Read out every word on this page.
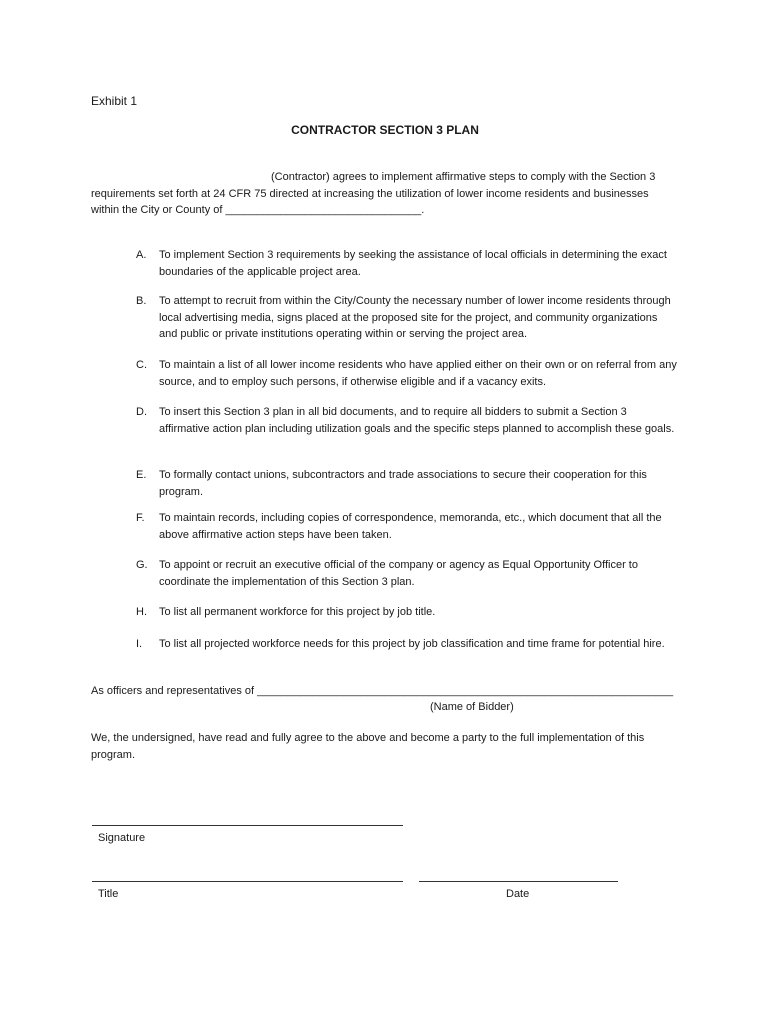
Exhibit 1
CONTRACTOR SECTION 3 PLAN
(Contractor) agrees to implement affirmative steps to comply with the Section 3
requirements set forth at 24 CFR 75 directed at increasing the utilization of lower income residents and businesses
within the City or County of ________________________________.
A.	To implement Section 3 requirements by seeking the assistance of local officials in determining the exact boundaries of the applicable project area.
B.	To attempt to recruit from within the City/County the necessary number of lower income residents through local advertising media, signs placed at the proposed site for the project, and community organizations and public or private institutions operating within or serving the project area.
C.	To maintain a list of all lower income residents who have applied either on their own or on referral from any source, and to employ such persons, if otherwise eligible and if a vacancy exits.
D.	To insert this Section 3 plan in all bid documents, and to require all bidders to submit a Section 3 affirmative action plan including utilization goals and the specific steps planned to accomplish these goals.
E.	To formally contact unions, subcontractors and trade associations to secure their cooperation for this program.
F.	To maintain records, including copies of correspondence, memoranda, etc., which document that all the above affirmative action steps have been taken.
G.	To appoint or recruit an executive official of the company or agency as Equal Opportunity Officer to coordinate the implementation of this Section 3 plan.
H.	To list all permanent workforce for this project by job title.
I.	To list all projected workforce needs for this project by job classification and time frame for potential hire.
As officers and representatives of ____________________________________________________________________
(Name of Bidder)
We, the undersigned, have read and fully agree to the above and become a party to the full implementation of this program.
Signature
Title	Date
